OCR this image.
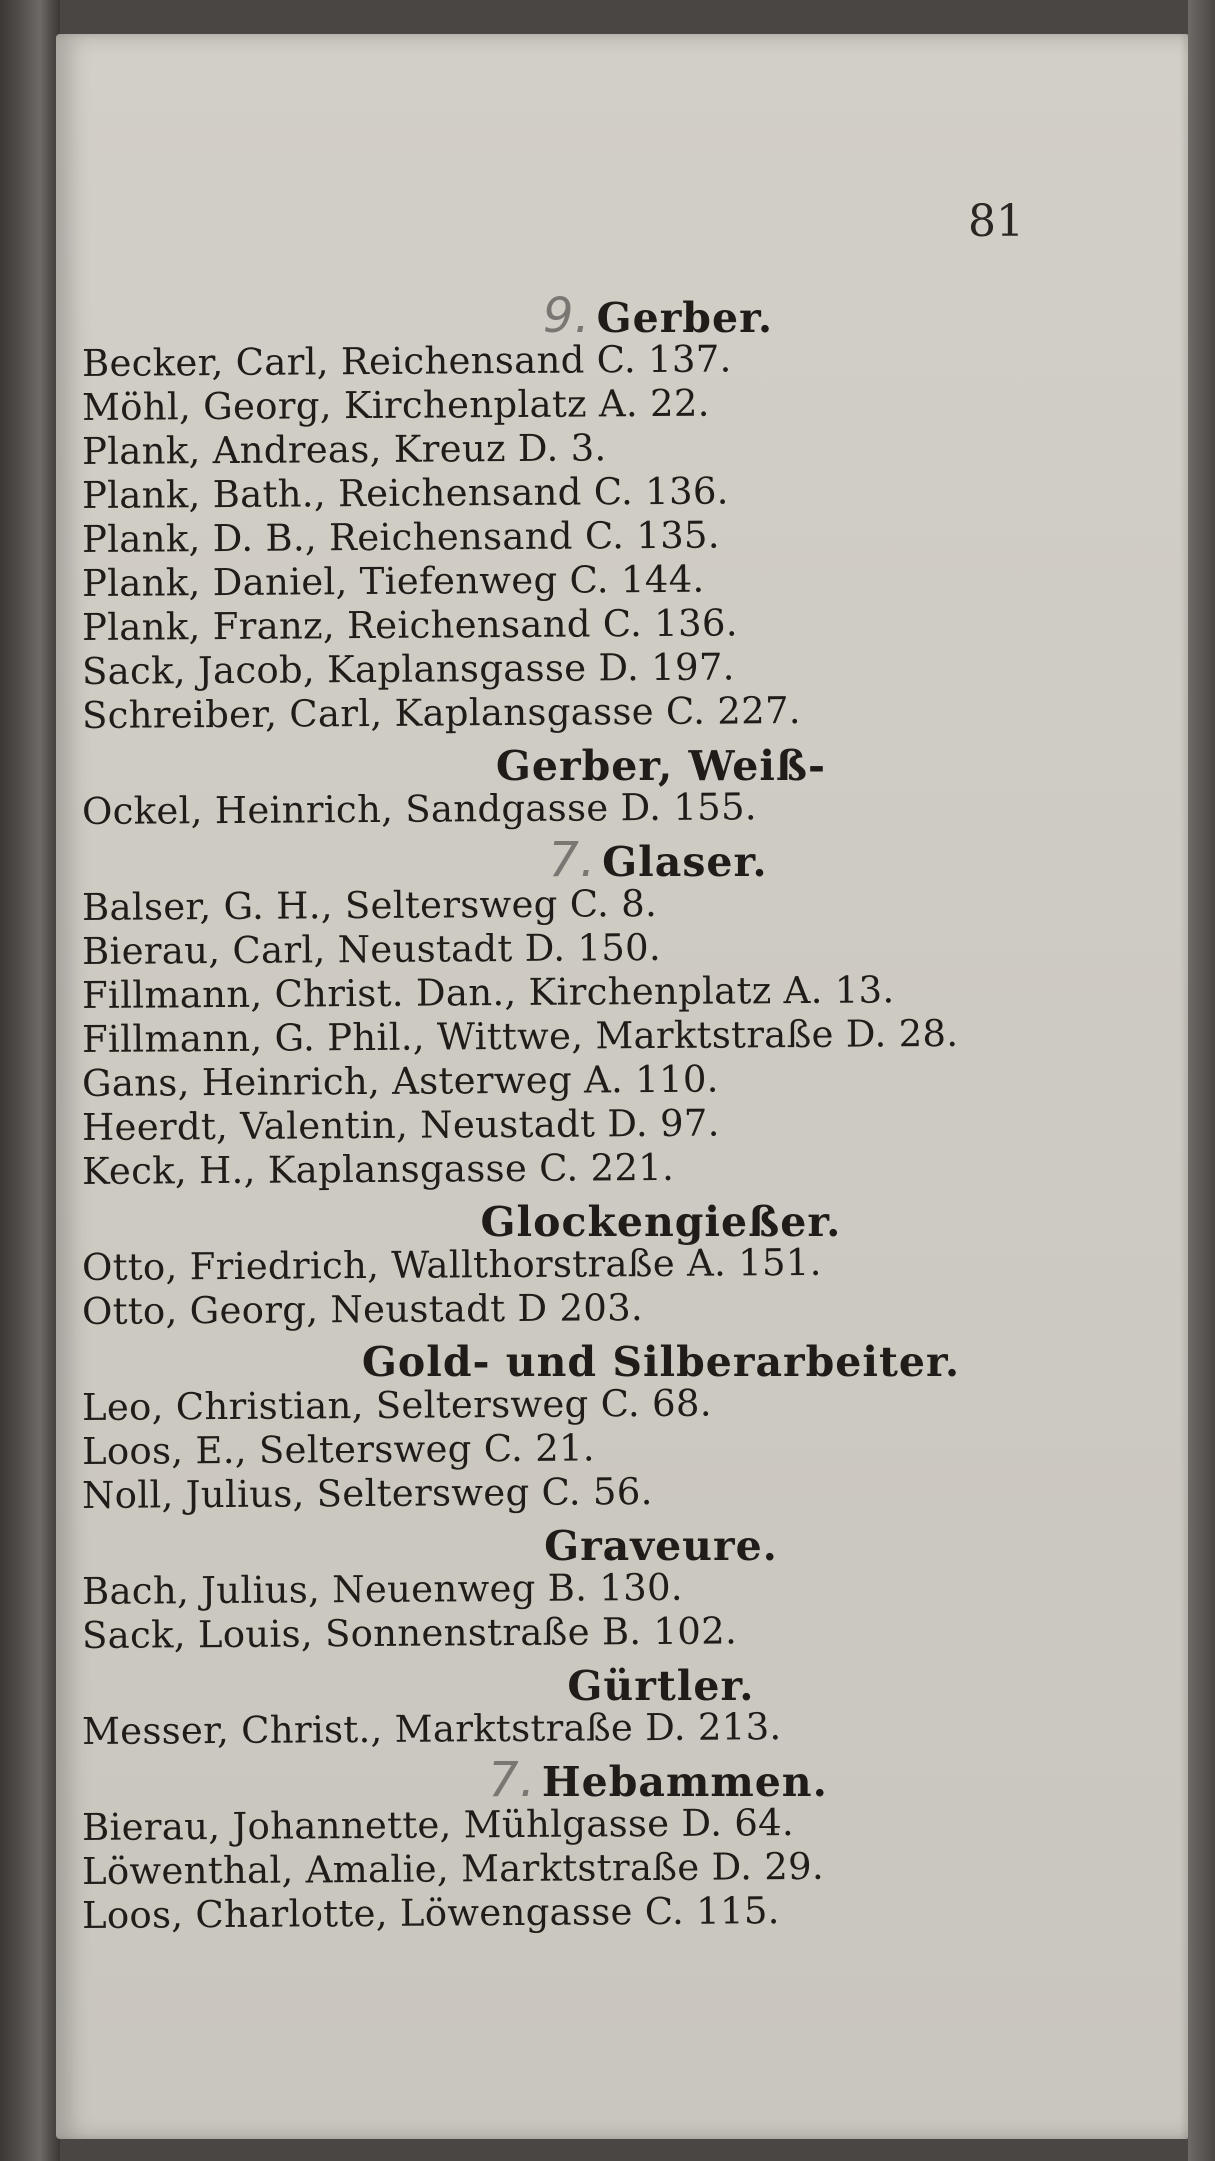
81
9. Gerber.
Becker, Carl, Reichensand C. 137.
Möhl, Georg, Kirchenplatz A. 22.
Plank, Andreas, Kreuz D. 3.
Plank, Bath., Reichensand C. 136.
Plank, D. B., Reichensand C. 135.
Plank, Daniel, Tiefenweg C. 144.
Plank, Franz, Reichensand C. 136.
Sack, Jacob, Kaplansgasse D. 197.
Schreiber, Carl, Kaplansgasse C. 227.
Gerber, Weiß-
Ockel, Heinrich, Sandgasse D. 155.
7. Glaser.
Balser, G. H., Seltersweg C. 8.
Bierau, Carl, Neustadt D. 150.
Fillmann, Christ. Dan., Kirchenplatz A. 13.
Fillmann, G. Phil., Wittwe, Marktstraße D. 28.
Gans, Heinrich, Asterweg A. 110.
Heerdt, Valentin, Neustadt D. 97.
Keck, H., Kaplansgasse C. 221.
Glockengießer.
Otto, Friedrich, Wallthorstraße A. 151.
Otto, Georg, Neustadt D 203.
Gold- und Silberarbeiter.
Leo, Christian, Seltersweg C. 68.
Loos, E., Seltersweg C. 21.
Noll, Julius, Seltersweg C. 56.
Graveure.
Bach, Julius, Neuenweg B. 130.
Sack, Louis, Sonnenstraße B. 102.
Gürtler.
Messer, Christ., Marktstraße D. 213.
7. Hebammen.
Bierau, Johannette, Mühlgasse D. 64.
Löwenthal, Amalie, Marktstraße D. 29.
Loos, Charlotte, Löwengasse C. 115.
